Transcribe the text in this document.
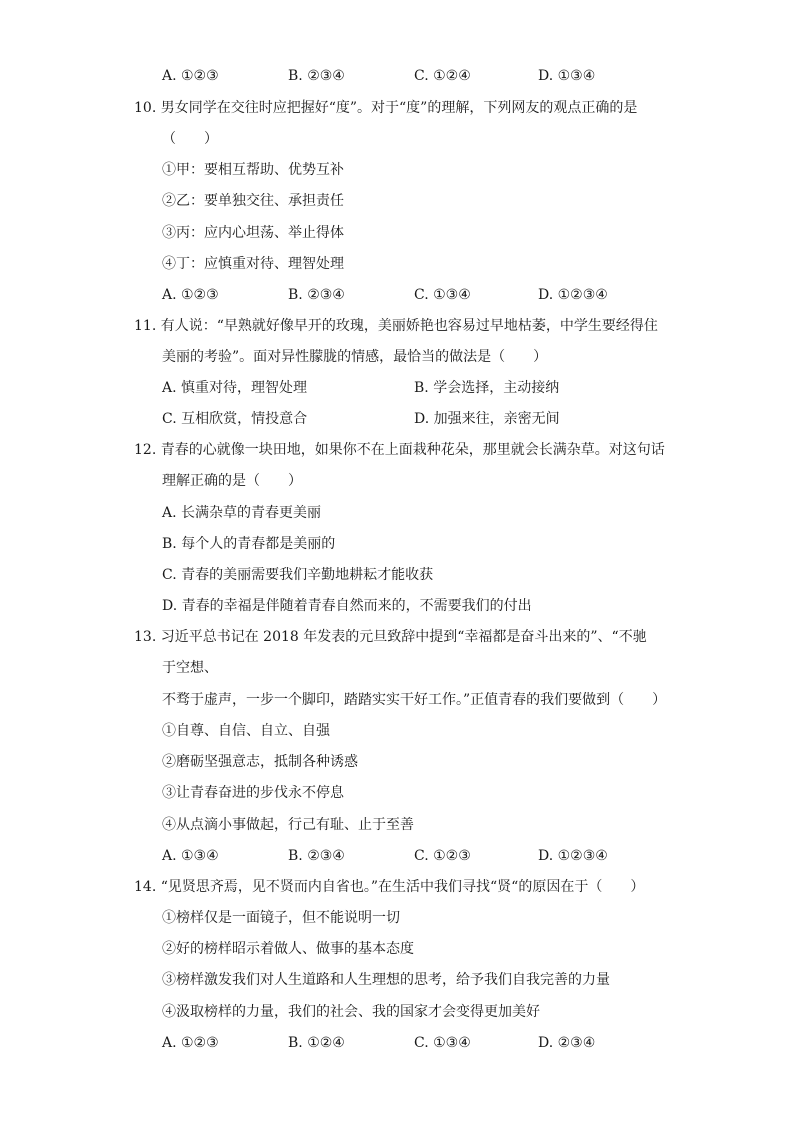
A. ①②③	B. ②③④	C. ①②④	D. ①③④
10. 男女同学在交往时应把握好“度”。对于“度”的理解，下列网友的观点正确的是
（　　）
①甲：要相互帮助、优势互补
②乙：要单独交往、承担责任
③丙：应内心坦荡、举止得体
④丁：应慎重对待、理智处理
A. ①②③	B. ②③④	C. ①③④	D. ①②③④
11. 有人说：“早熟就好像早开的玫瑰，美丽娇艳也容易过早地枯萎，中学生要经得住
美丽的考验”。面对异性朦胧的情感，最恰当的做法是（　　）
A. 慎重对待，理智处理	B. 学会选择，主动接纳
C. 互相欣赏，情投意合	D. 加强来往，亲密无间
12. 青春的心就像一块田地，如果你不在上面栽种花朵，那里就会长满杂草。对这句话
理解正确的是（　　）
A. 长满杂草的青春更美丽
B. 每个人的青春都是美丽的
C. 青春的美丽需要我们辛勤地耕耘才能收获
D. 青春的幸福是伴随着青春自然而来的，不需要我们的付出
13. 习近平总书记在 2018 年发表的元旦致辞中提到“幸福都是奋斗出来的”、“不驰
于空想、
不骛于虚声，一步一个脚印，踏踏实实干好工作。”正值青春的我们要做到（　　）
①自尊、自信、自立、自强
②磨砺坚强意志，抵制各种诱惑
③让青春奋进的步伐永不停息
④从点滴小事做起，行己有耻、止于至善
A. ①③④	B. ②③④	C. ①②③	D. ①②③④
14. “见贤思齐焉，见不贤而内自省也。”在生活中我们寻找“贤“的原因在于（　　）
①榜样仅是一面镜子，但不能说明一切
②好的榜样昭示着做人、做事的基本态度
③榜样激发我们对人生道路和人生理想的思考，给予我们自我完善的力量
④汲取榜样的力量，我们的社会、我的国家才会变得更加美好
A. ①②③	B. ①②④	C. ①③④	D. ②③④
